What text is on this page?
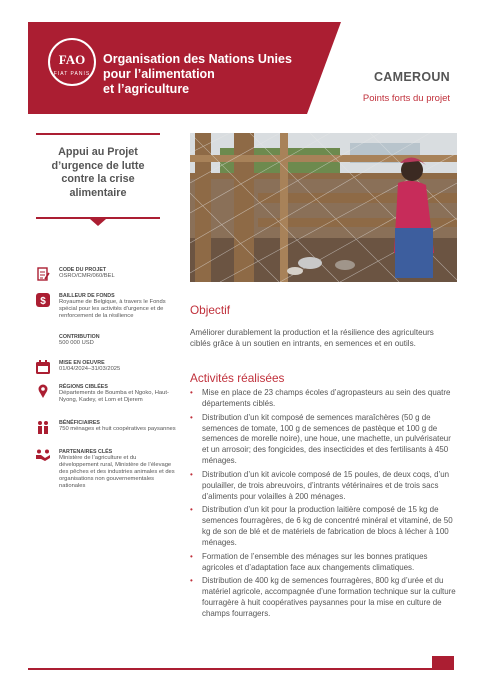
FAO
FIAT PANIS
Organisation des Nations Unies
pour l’alimentation
et l’agriculture
CAMEROUN
Points forts du projet
Appui au Projet
d’urgence de lutte
contre la crise
alimentaire
CODE DU PROJET
OSRO/CMR/060/BEL
$ BAILLEUR DE FONDS
Royaume de Belgique, à travers le Fonds spécial pour les activités d’urgence et de renforcement de la résilience
CONTRIBUTION
500 000 USD
MISE EN OEUVRE
01/04/2024–31/03/2025
RÉGIONS CIBLÉES
Départements de Boumba et Ngoko, Haut-Nyong, Kadey, et Lom et Djerem
BÉNÉFICIAIRES
750 ménages et huit coopératives paysannes
PARTENAIRES CLÉS
Ministère de l’agriculture et du développement rural, Ministère de l’élevage des pêches et des industries animales et des organisations non gouvernementales nationales
Objectif
Améliorer durablement la production et la résilience des agriculteurs ciblés grâce à un soutien en intrants, en semences et en outils.
Activités réalisées
• Mise en place de 23 champs écoles d’agropasteurs au sein des quatre départements ciblés.
• Distribution d’un kit composé de semences maraîchères (50 g de semences de tomate, 100 g de semences de pastèque et 100 g de semences de morelle noire), une houe, une machette, un pulvérisateur et un arrosoir; des fongicides, des insecticides et des fertilisants à 450 ménages.
• Distribution d’un kit avicole composé de 15 poules, de deux coqs, d’un poulailler, de trois abreuvoirs, d’intrants vétérinaires et de trois sacs d’aliments pour volailles à 200 ménages.
• Distribution d’un kit pour la production laitière composé de 15 kg de semences fourragères, de 6 kg de concentré minéral et vitaminé, de 50 kg de son de blé et de matériels de fabrication de blocs à lécher à 100 ménages.
• Formation de l’ensemble des ménages sur les bonnes pratiques agricoles et d’adaptation face aux changements climatiques.
• Distribution de 400 kg de semences fourragères, 800 kg d’urée et du matériel agricole, accompagnée d’une formation technique sur la culture fourragère à huit coopératives paysannes pour la mise en culture de champs fourragers.
